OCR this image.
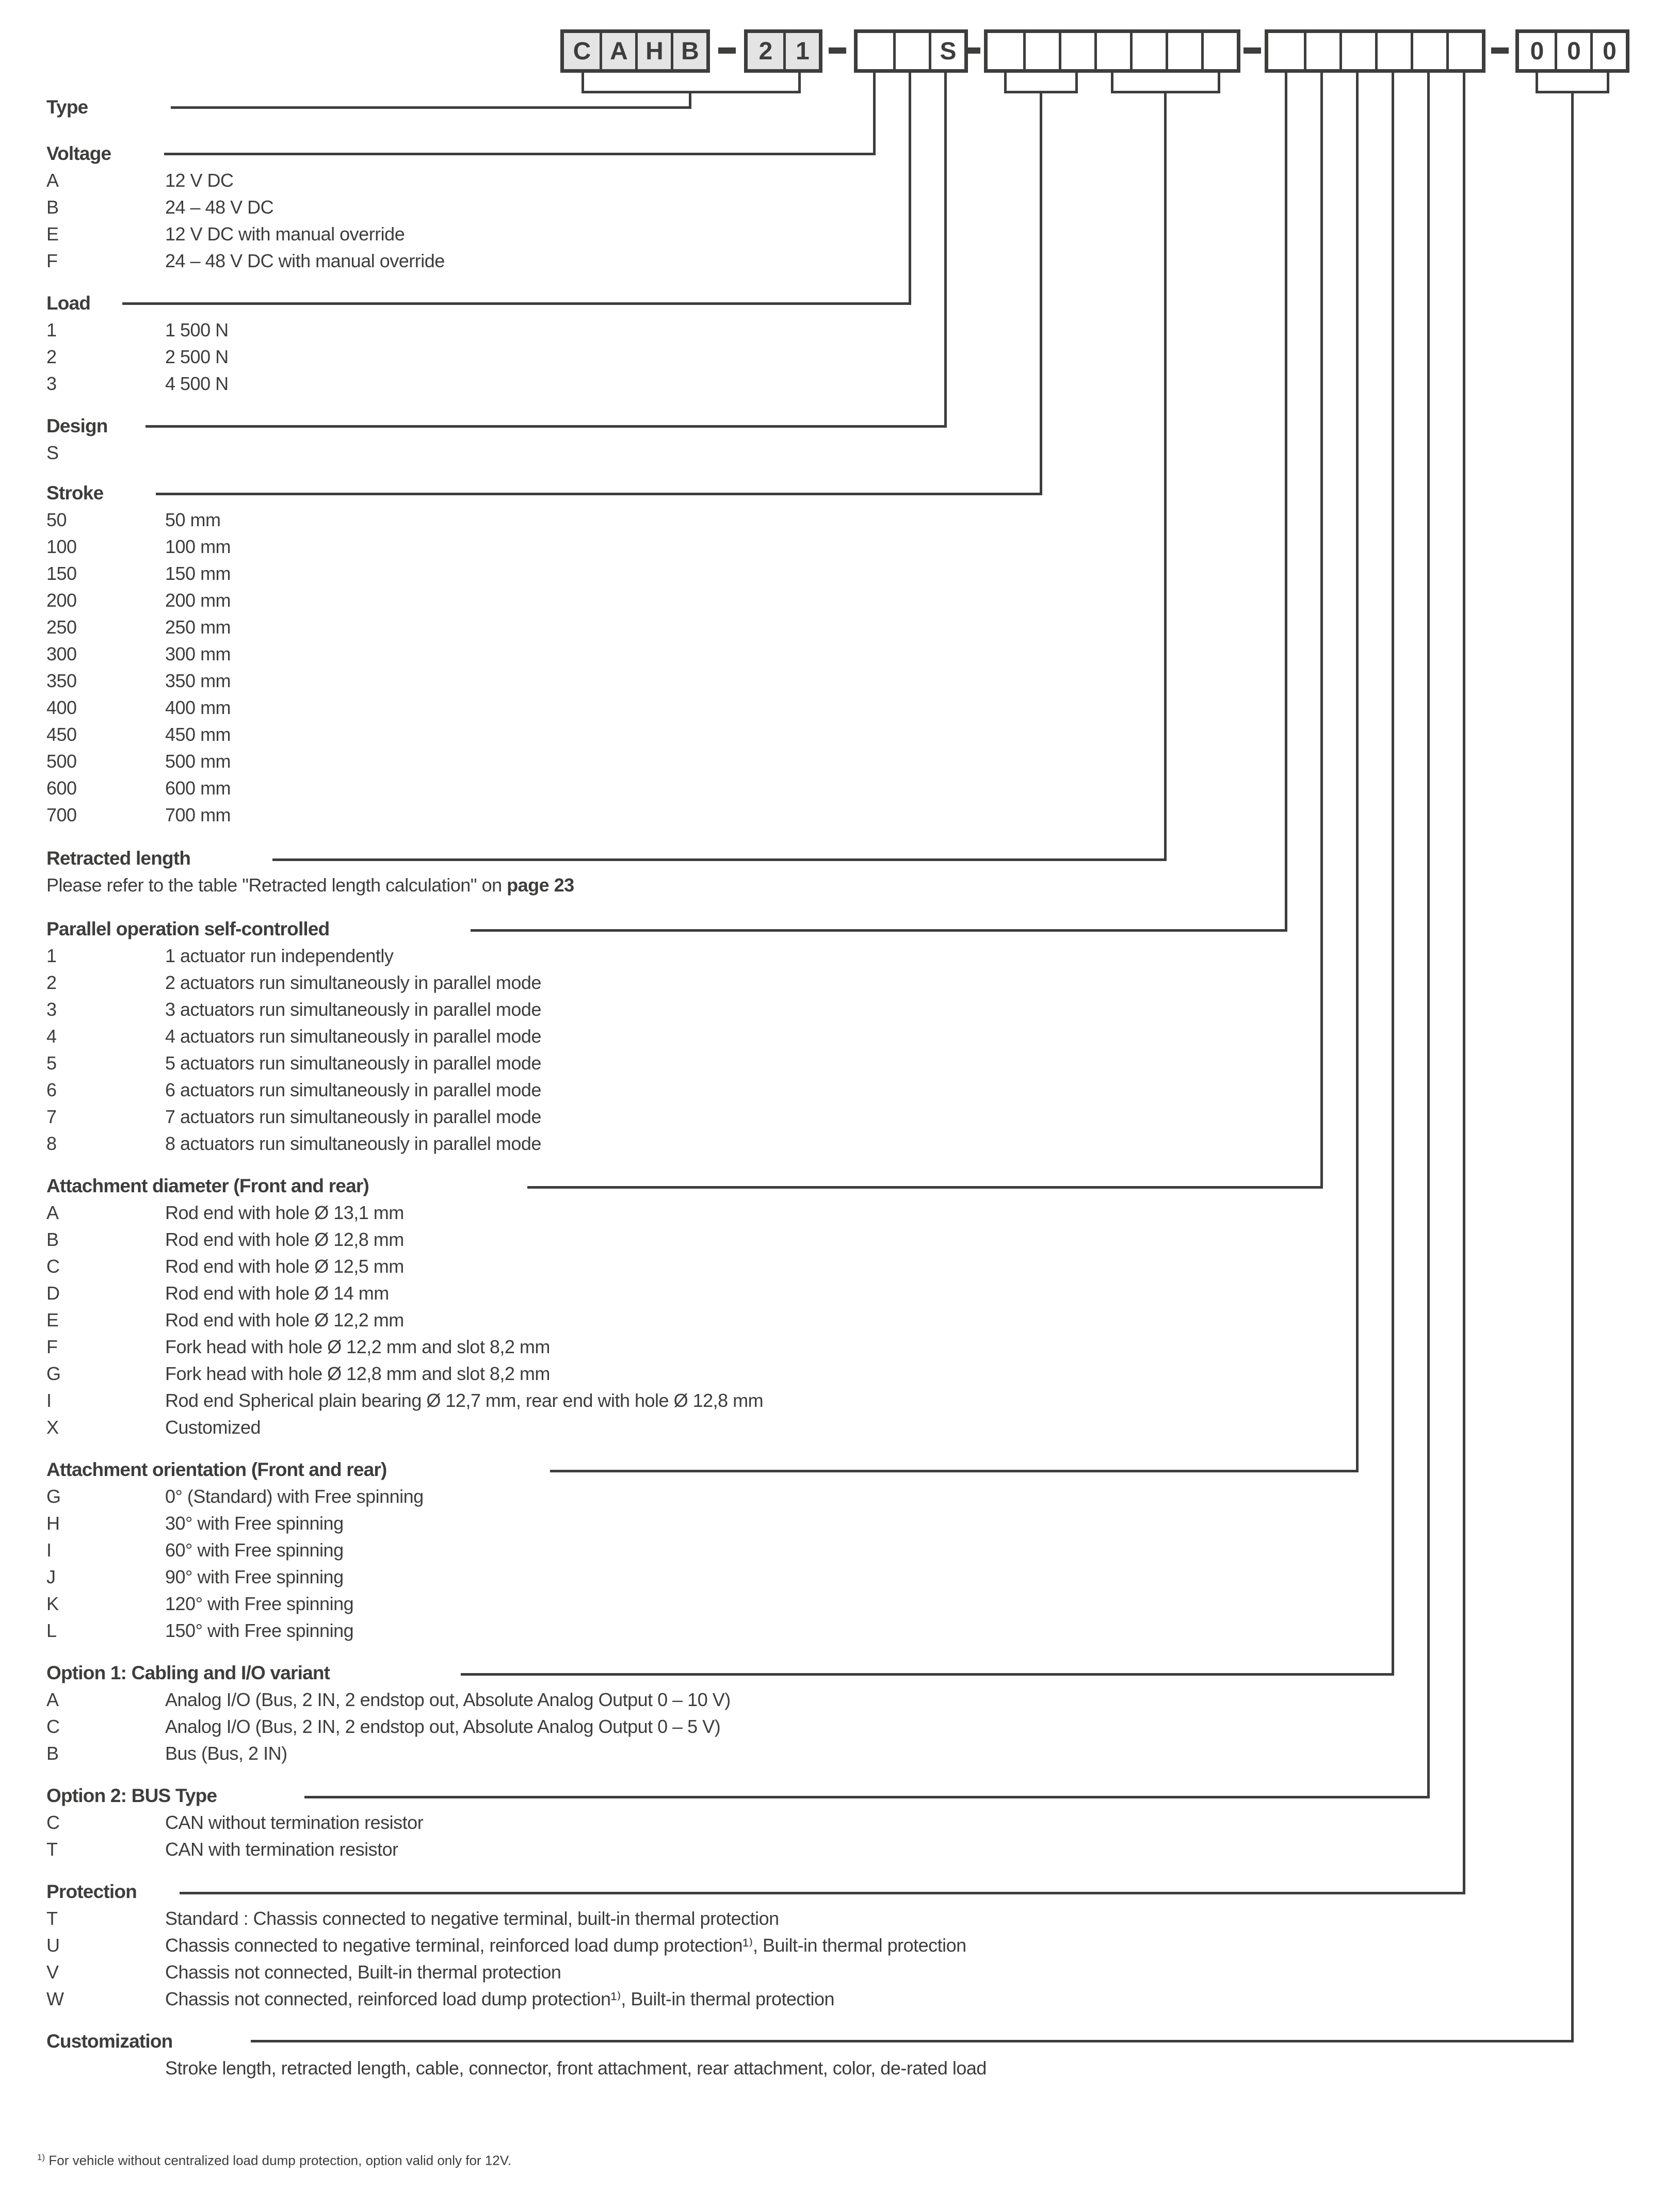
C A H B	2 1	S	0 0 0
Type
Voltage
A	12 V DC
B	24 – 48 V DC
E	12 V DC with manual override
F	24 – 48 V DC with manual override
Load
1	1 500 N
2	2 500 N
3	4 500 N
Design
S
Stroke
50	50 mm
100	100 mm
150	150 mm
200	200 mm
250	250 mm
300	300 mm
350	350 mm
400	400 mm
450	450 mm
500	500 mm
600	600 mm
700	700 mm
Retracted length
Please refer to the table "Retracted length calculation" on page 23
Parallel operation self-controlled
1	1 actuator run independently
2	2 actuators run simultaneously in parallel mode
3	3 actuators run simultaneously in parallel mode
4	4 actuators run simultaneously in parallel mode
5	5 actuators run simultaneously in parallel mode
6	6 actuators run simultaneously in parallel mode
7	7 actuators run simultaneously in parallel mode
8	8 actuators run simultaneously in parallel mode
Attachment diameter (Front and rear)
A	Rod end with hole Ø 13,1 mm
B	Rod end with hole Ø 12,8 mm
C	Rod end with hole Ø 12,5 mm
D	Rod end with hole Ø 14 mm
E	Rod end with hole Ø 12,2 mm
F	Fork head with hole Ø 12,2 mm and slot 8,2 mm
G	Fork head with hole Ø 12,8 mm and slot 8,2 mm
I	Rod end Spherical plain bearing Ø 12,7 mm, rear end with hole Ø 12,8 mm
X	Customized
Attachment orientation (Front and rear)
G	0° (Standard) with Free spinning
H	30° with Free spinning
I	60° with Free spinning
J	90° with Free spinning
K	120° with Free spinning
L	150° with Free spinning
Option 1: Cabling and I/O variant
A	Analog I/O (Bus, 2 IN, 2 endstop out, Absolute Analog Output 0 – 10 V)
C	Analog I/O (Bus, 2 IN, 2 endstop out, Absolute Analog Output 0 – 5 V)
B	Bus (Bus, 2 IN)
Option 2: BUS Type
C	CAN without termination resistor
T	CAN with termination resistor
Protection
T	Standard : Chassis connected to negative terminal, built-in thermal protection
U	Chassis connected to negative terminal, reinforced load dump protection¹⁾, Built-in thermal protection
V	Chassis not connected, Built-in thermal protection
W	Chassis not connected, reinforced load dump protection¹⁾, Built-in thermal protection
Customization
Stroke length, retracted length, cable, connector, front attachment, rear attachment, color, de-rated load
$^{1)}$ For vehicle without centralized load dump protection, option valid only for 12V.
